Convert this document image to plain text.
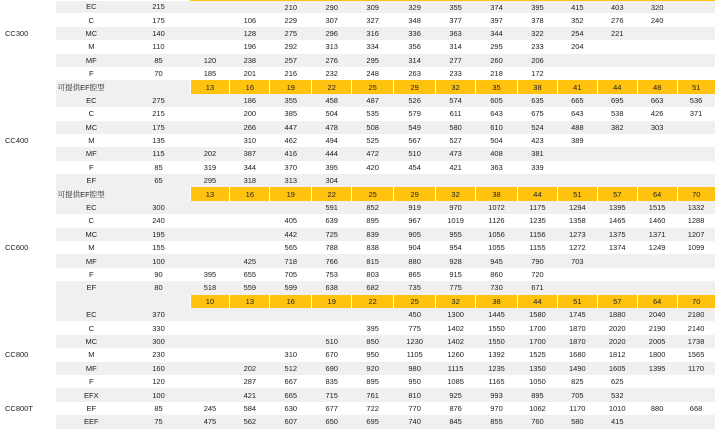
	EC	215			210	290	309	329	355	374	395	415	403	320	
	C	175		106	229	307	327	348	377	397	378	352	276	240	
CC300	MC	140		128	275	296	316	336	363	344	322	254	221		
	M	110		196	292	313	334	356	314	295	233	204			
	MF	85	120	238	257	276	295	314	277	260	206				
	F	70	185	201	216	232	248	263	233	218	172				
	可提供EF腔型		13	16	19	22	25	29	32	35	38	41	44	48	51
	EC	275		186	355	458	487	526	574	605	635	665	695	663	536
	C	215		200	385	504	535	579	611	643	675	643	538	426	371
	MC	175		266	447	478	508	549	580	610	524	488	382	303	
CC400	M	135		310	462	494	525	567	527	504	423	389			
	MF	115	202	387	416	444	472	510	473	408	381				
	F	85	319	344	370	395	420	454	421	363	339				
	EF	65	295	318	313	304									
	可提供EF腔型		13	16	19	22	25	29	32	38	44	51	57	64	70
	EC	300				591	852	919	970	1072	1175	1294	1395	1515	1332
	C	240			405	639	895	967	1019	1126	1235	1358	1465	1460	1288
	MC	195			442	725	839	905	955	1056	1156	1273	1375	1371	1207
CC600	M	155			565	788	838	904	954	1055	1155	1272	1374	1249	1099
	MF	100		425	718	766	815	880	928	945	790	703			
	F	90	395	655	705	753	803	865	915	860	720				
	EF	80	518	559	599	638	682	735	775	730	671				
			10	13	16	19	22	25	32	38	44	51	57	64	70
	EC	370						450	1300	1445	1580	1745	1880	2040	2180
	C	330					395	775	1402	1550	1700	1870	2020	2190	2140
	MC	300				510	850	1230	1402	1550	1700	1870	2020	2005	1738
CC800	M	230			310	670	950	1105	1260	1392	1525	1680	1812	1800	1565
	MF	160		202	512	690	920	980	1115	1235	1350	1490	1605	1395	1170
	F	120		287	667	835	895	950	1085	1165	1050	825	625		
	EFX	100		421	665	715	761	810	925	993	895	705	532		
CC800T	EF	85	245	584	630	677	722	770	876	970	1062	1170	1010	880	668
	EEF	75	475	562	607	650	695	740	845	855	760	580	415		
